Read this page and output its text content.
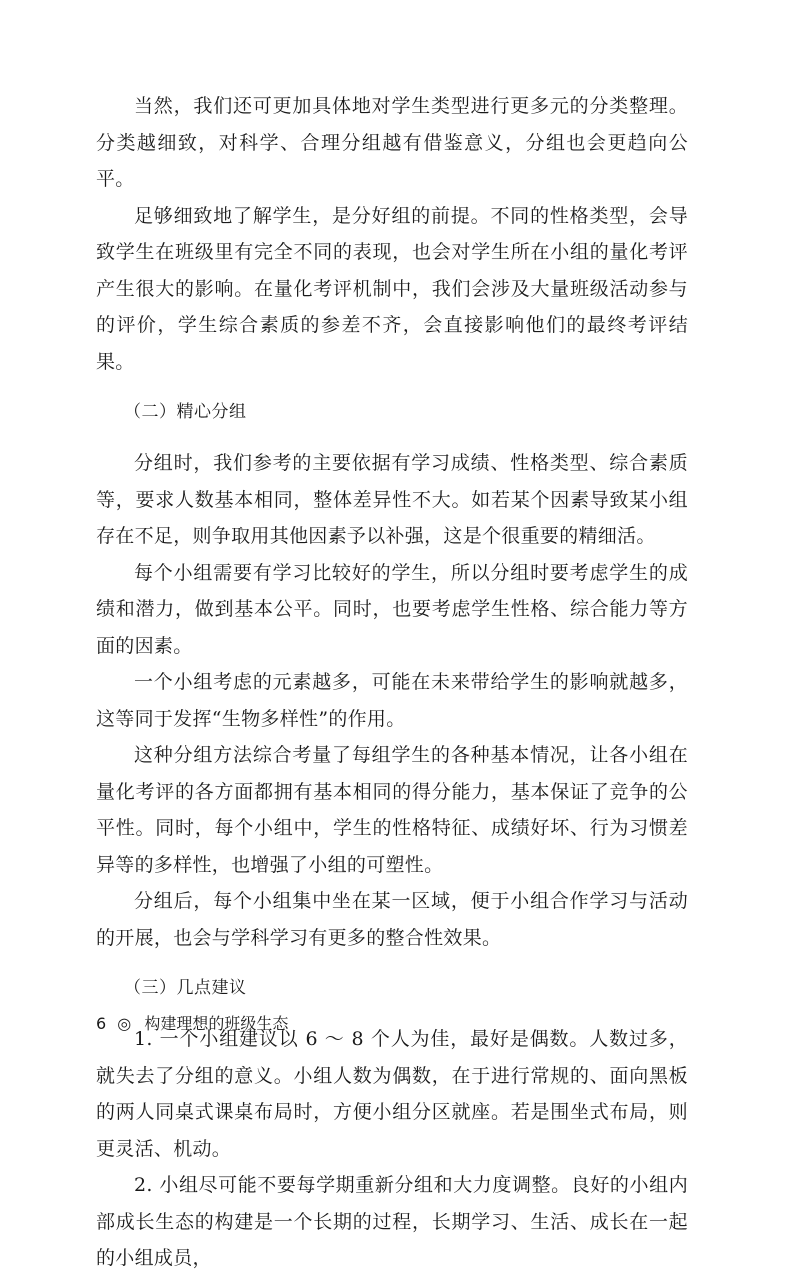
当然，我们还可更加具体地对学生类型进行更多元的分类整理。分类越细致，对科学、合理分组越有借鉴意义，分组也会更趋向公平。

足够细致地了解学生，是分好组的前提。不同的性格类型，会导致学生在班级里有完全不同的表现，也会对学生所在小组的量化考评产生很大的影响。在量化考评机制中，我们会涉及大量班级活动参与的评价，学生综合素质的参差不齐，会直接影响他们的最终考评结果。

（二）精心分组

分组时，我们参考的主要依据有学习成绩、性格类型、综合素质等，要求人数基本相同，整体差异性不大。如若某个因素导致某小组存在不足，则争取用其他因素予以补强，这是个很重要的精细活。

每个小组需要有学习比较好的学生，所以分组时要考虑学生的成绩和潜力，做到基本公平。同时，也要考虑学生性格、综合能力等方面的因素。

一个小组考虑的元素越多，可能在未来带给学生的影响就越多，这等同于发挥“生物多样性”的作用。

这种分组方法综合考量了每组学生的各种基本情况，让各小组在量化考评的各方面都拥有基本相同的得分能力，基本保证了竞争的公平性。同时，每个小组中，学生的性格特征、成绩好坏、行为习惯差异等的多样性，也增强了小组的可塑性。

分组后，每个小组集中坐在某一区域，便于小组合作学习与活动的开展，也会与学科学习有更多的整合性效果。

（三）几点建议

1. 一个小组建议以 6 ～ 8 个人为佳，最好是偶数。人数过多，就失去了分组的意义。小组人数为偶数，在于进行常规的、面向黑板的两人同桌式课桌布局时，方便小组分区就座。若是围坐式布局，则更灵活、机动。

2. 小组尽可能不要每学期重新分组和大力度调整。良好的小组内部成长生态的构建是一个长期的过程，长期学习、生活、成长在一起的小组成员，

6 ◎ 构建理想的班级生态
